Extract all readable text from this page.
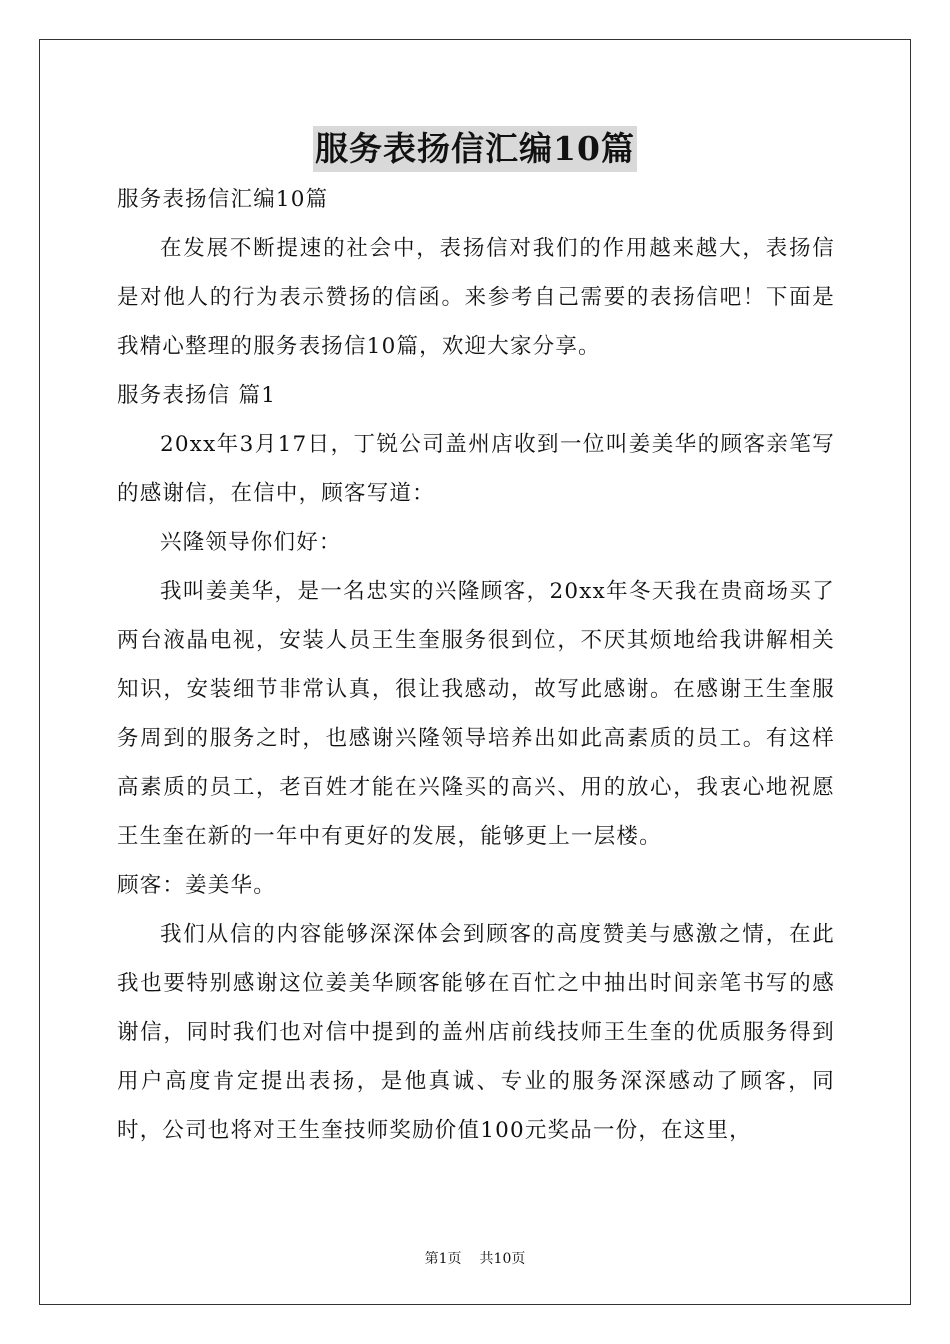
服务表扬信汇编10篇

服务表扬信汇编10篇

在发展不断提速的社会中，表扬信对我们的作用越来越大，表扬信是对他人的行为表示赞扬的信函。来参考自己需要的表扬信吧！下面是我精心整理的服务表扬信10篇，欢迎大家分享。

服务表扬信 篇1

20xx年3月17日，丁锐公司盖州店收到一位叫姜美华的顾客亲笔写的感谢信，在信中，顾客写道：

兴隆领导你们好：

我叫姜美华，是一名忠实的兴隆顾客，20xx年冬天我在贵商场买了两台液晶电视，安装人员王生奎服务很到位，不厌其烦地给我讲解相关知识，安装细节非常认真，很让我感动，故写此感谢。在感谢王生奎服务周到的服务之时，也感谢兴隆领导培养出如此高素质的员工。有这样高素质的员工，老百姓才能在兴隆买的高兴、用的放心，我衷心地祝愿王生奎在新的一年中有更好的发展，能够更上一层楼。

顾客：姜美华。

我们从信的内容能够深深体会到顾客的高度赞美与感激之情，在此我也要特别感谢这位姜美华顾客能够在百忙之中抽出时间亲笔书写的感谢信，同时我们也对信中提到的盖州店前线技师王生奎的优质服务得到用户高度肯定提出表扬，是他真诚、专业的服务深深感动了顾客，同时，公司也将对王生奎技师奖励价值100元奖品一份，在这里，

第1页 共10页
